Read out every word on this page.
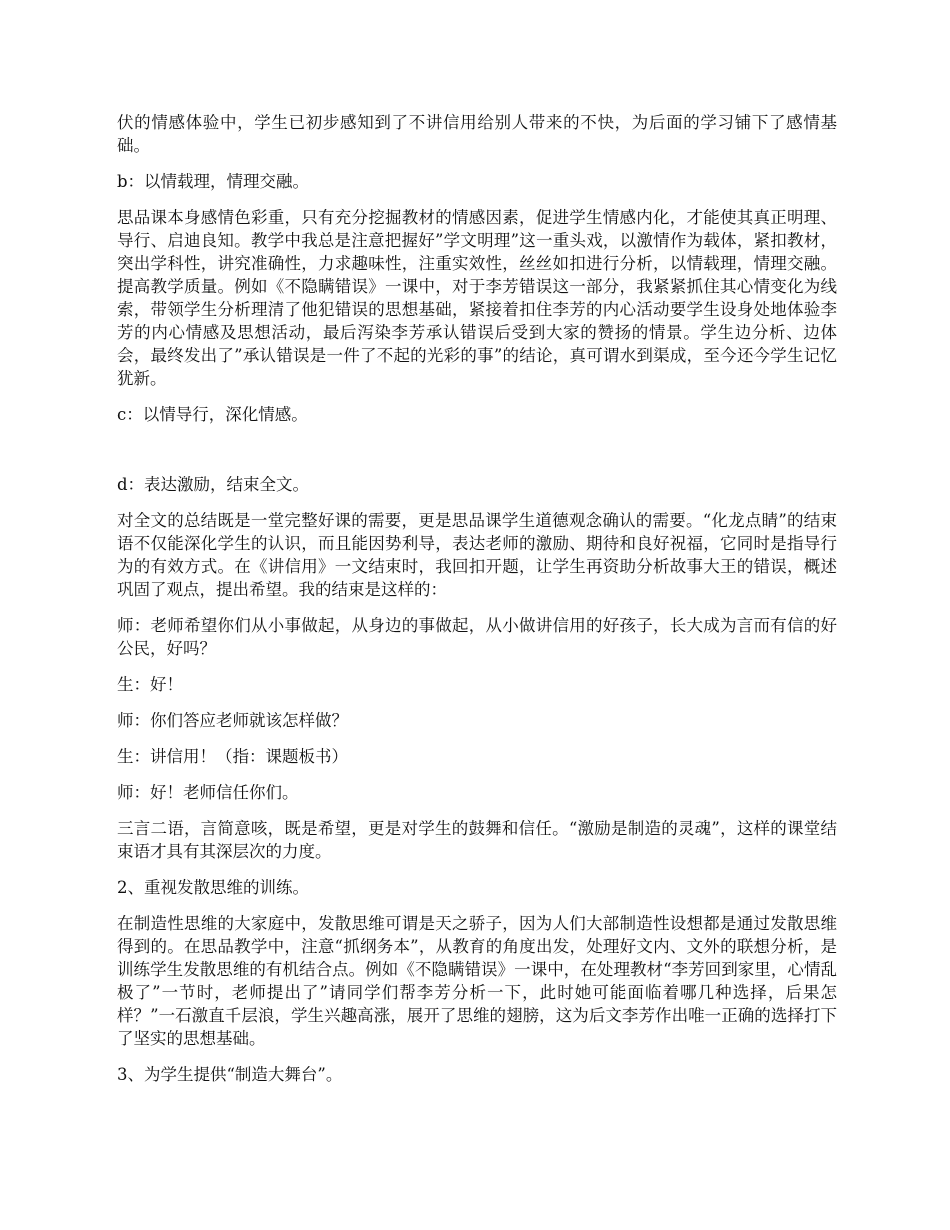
伏的情感体验中，学生已初步感知到了不讲信用给别人带来的不快，为后面的学习铺下了感情基础。

b：以情载理，情理交融。

思品课本身感情色彩重，只有充分挖掘教材的情感因素，促进学生情感内化，才能使其真正明理、导行、启迪良知。教学中我总是注意把握好”学文明理”这一重头戏，以激情作为载体，紧扣教材，突出学科性，讲究准确性，力求趣味性，注重实效性，丝丝如扣进行分析，以情载理，情理交融。提高教学质量。例如《不隐瞒错误》一课中，对于李芳错误这一部分，我紧紧抓住其心情变化为线索，带领学生分析理清了他犯错误的思想基础，紧接着扣住李芳的内心活动要学生设身处地体验李芳的内心情感及思想活动，最后泻染李芳承认错误后受到大家的赞扬的情景。学生边分析、边体会，最终发出了”承认错误是一件了不起的光彩的事”的结论，真可谓水到渠成，至今还今学生记忆犹新。

c：以情导行，深化情感。

d：表达激励，结束全文。

对全文的总结既是一堂完整好课的需要，更是思品课学生道德观念确认的需要。“化龙点睛”的结束语不仅能深化学生的认识，而且能因势利导，表达老师的激励、期待和良好祝福，它同时是指导行为的有效方式。在《讲信用》一文结束时，我回扣开题，让学生再资助分析故事大王的错误，概述巩固了观点，提出希望。我的结束是这样的：

师：老师希望你们从小事做起，从身边的事做起，从小做讲信用的好孩子，长大成为言而有信的好公民，好吗？

生：好！

师：你们答应老师就该怎样做？

生：讲信用！（指：课题板书）

师：好！老师信任你们。

三言二语，言简意咳，既是希望，更是对学生的鼓舞和信任。“激励是制造的灵魂”，这样的课堂结束语才具有其深层次的力度。

2、重视发散思维的训练。

在制造性思维的大家庭中，发散思维可谓是天之骄子，因为人们大部制造性设想都是通过发散思维得到的。在思品教学中，注意“抓纲务本”，从教育的角度出发，处理好文内、文外的联想分析，是训练学生发散思维的有机结合点。例如《不隐瞒错误》一课中，在处理教材“李芳回到家里，心情乱极了”一节时，老师提出了”请同学们帮李芳分析一下，此时她可能面临着哪几种选择，后果怎样？”一石激直千层浪，学生兴趣高涨，展开了思维的翅膀，这为后文李芳作出唯一正确的选择打下了坚实的思想基础。

3、为学生提供“制造大舞台”。
